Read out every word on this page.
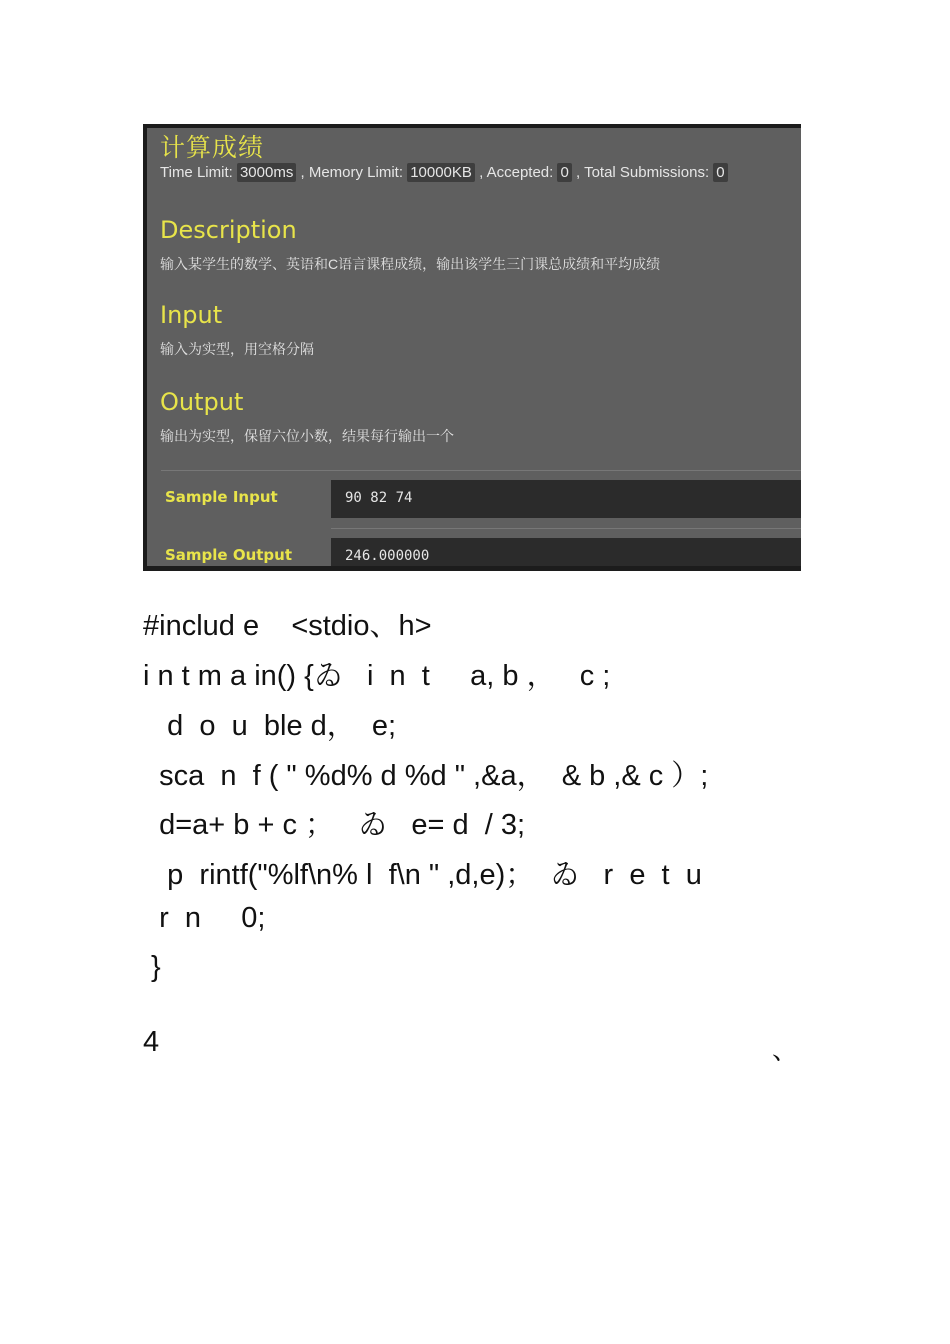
计算成绩
Time Limit: 3000ms , Memory Limit: 10000KB , Accepted: 0 , Total Submissions: 0
Description
输入某学生的数学、英语和C语言课程成绩，输出该学生三门课总成绩和平均成绩
Input
输入为实型，用空格分隔
Output
输出为实型，保留六位小数，结果每行输出一个
Sample Input	90 82 74
Sample Output	246.000000
#includ e    <stdio、h>
i n t m a in() {ゐ   i  n  t     a, b ，   c ;
d  o  u  ble d，  e;
sca  n  f ( " %d% d %d " ,&a，  & b ,& c ）;
d=a+ b + c ；   ゐ   e= d  / 3;
p  rintf("%lf\n% l  f\n " ,d,e)；  ゐ   r  e  t  u
r  n     0;
}
4	、
